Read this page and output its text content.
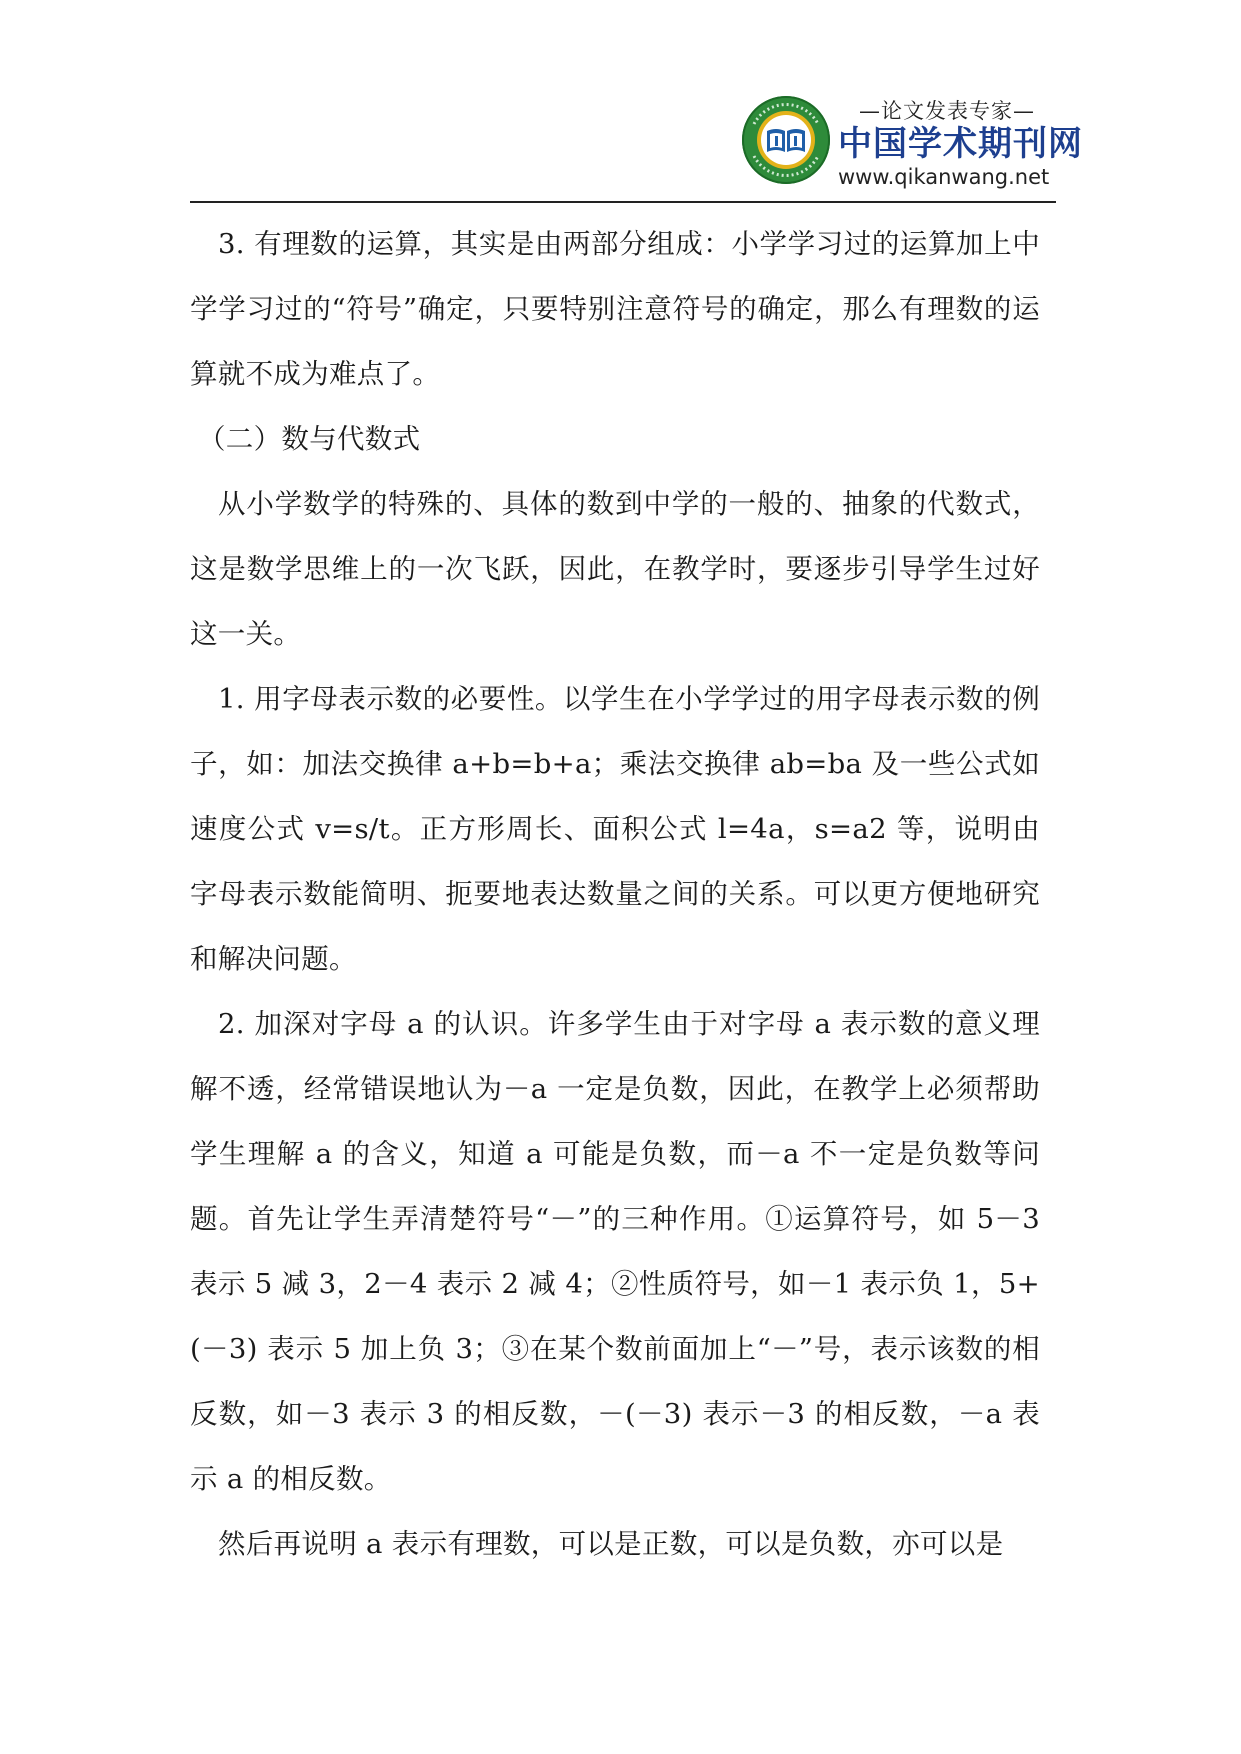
—论文发表专家—
中国学术期刊网
www.qikanwang.net

3. 有理数的运算，其实是由两部分组成：小学学习过的运算加上中学学习过的“符号”确定，只要特别注意符号的确定，那么有理数的运算就不成为难点了。

（二）数与代数式

从小学数学的特殊的、具体的数到中学的一般的、抽象的代数式，这是数学思维上的一次飞跃，因此，在教学时，要逐步引导学生过好这一关。

1. 用字母表示数的必要性。以学生在小学学过的用字母表示数的例子，如：加法交换律 a+b=b+a；乘法交换律 ab=ba 及一些公式如速度公式 v=s/t。正方形周长、面积公式 l=4a，s=a2 等，说明由字母表示数能简明、扼要地表达数量之间的关系。可以更方便地研究和解决问题。

2. 加深对字母 a 的认识。许多学生由于对字母 a 表示数的意义理解不透，经常错误地认为－a 一定是负数，因此，在教学上必须帮助学生理解 a 的含义，知道 a 可能是负数，而－a 不一定是负数等问题。首先让学生弄清楚符号“－”的三种作用。①运算符号，如 5－3 表示 5 减 3，2－4 表示 2 减 4；②性质符号，如－1 表示负 1，5+(－3) 表示 5 加上负 3；③在某个数前面加上“－”号，表示该数的相反数，如－3 表示 3 的相反数，－(－3) 表示－3 的相反数，－a 表示 a 的相反数。

然后再说明 a 表示有理数，可以是正数，可以是负数，亦可以是
